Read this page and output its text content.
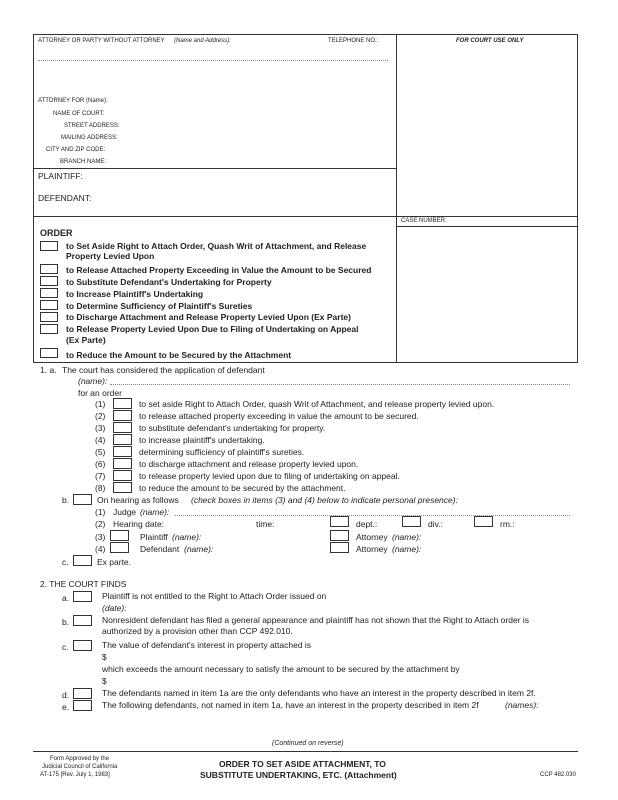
ATTORNEY OR PARTY WITHOUT ATTORNEY (Name and Address):	TELEPHONE NO.:	FOR COURT USE ONLY
ATTORNEY FOR (Name):
NAME OF COURT:
STREET ADDRESS:
MAILING ADDRESS:
CITY AND ZIP CODE:
BRANCH NAME:
PLAINTIFF:
DEFENDANT:
CASE NUMBER:
ORDER
to Set Aside Right to Attach Order, Quash Writ of Attachment, and Release
Property Levied Upon
to Release Attached Property Exceeding in Value the Amount to be Secured
to Substitute Defendant's Undertaking for Property
to Increase Plaintiff's Undertaking
to Determine Sufficiency of Plaintiff's Sureties
to Discharge Attachment and Release Property Levied Upon (Ex Parte)
to Release Property Levied Upon Due to Filing of Undertaking on Appeal
(Ex Parte)
to Reduce the Amount to be Secured by the Attachment
1. a. The court has considered the application of defendant
(name):
for an order
(1)	to set aside Right to Attach Order, quash Writ of Attachment, and release property levied upon.
(2)	to release attached property exceeding in value the amount to be secured.
(3)	to substitute defendant's undertaking for property.
(4)	to increase plaintiff's undertaking.
(5)	determining sufficiency of plaintiff's sureties.
(6)	to discharge attachment and release property levied upon.
(7)	to release property levied upon due to filing of undertaking on appeal.
(8)	to reduce the amount to be secured by the attachment.
b.	On hearing as follows (check boxes in items (3) and (4) below to indicate personal presence):
(1) Judge (name):
(2) Hearing date:	time:	dept.:	div.:	rm.:
(3)	Plaintiff (name):	Attorney (name):
(4)	Defendant (name):	Attorney (name):
c.	Ex parte.
2. THE COURT FINDS
a.	Plaintiff is not entitled to the Right to Attach Order issued on
(date):
b.	Nonresident defendant has filed a general appearance and plaintiff has not shown that the Right to Attach order is
authorized by a provision other than CCP 492.010.
c.	The value of defendant's interest in property attached is
$
which exceeds the amount necessary to satisfy the amount to be secured by the attachment by
$
d.	The defendants named in item 1a are the only defendants who have an interest in the property described in item 2f.
e.	The following defendants, not named in item 1a, have an interest in the property described in item 2f	(names):
(Continued on reverse)
Form Approved by the
Judicial Council of California
AT-175 [Rev. July 1, 1983]
ORDER TO SET ASIDE ATTACHMENT, TO
SUBSTITUTE UNDERTAKING, ETC. (Attachment)	CCP 482.030
